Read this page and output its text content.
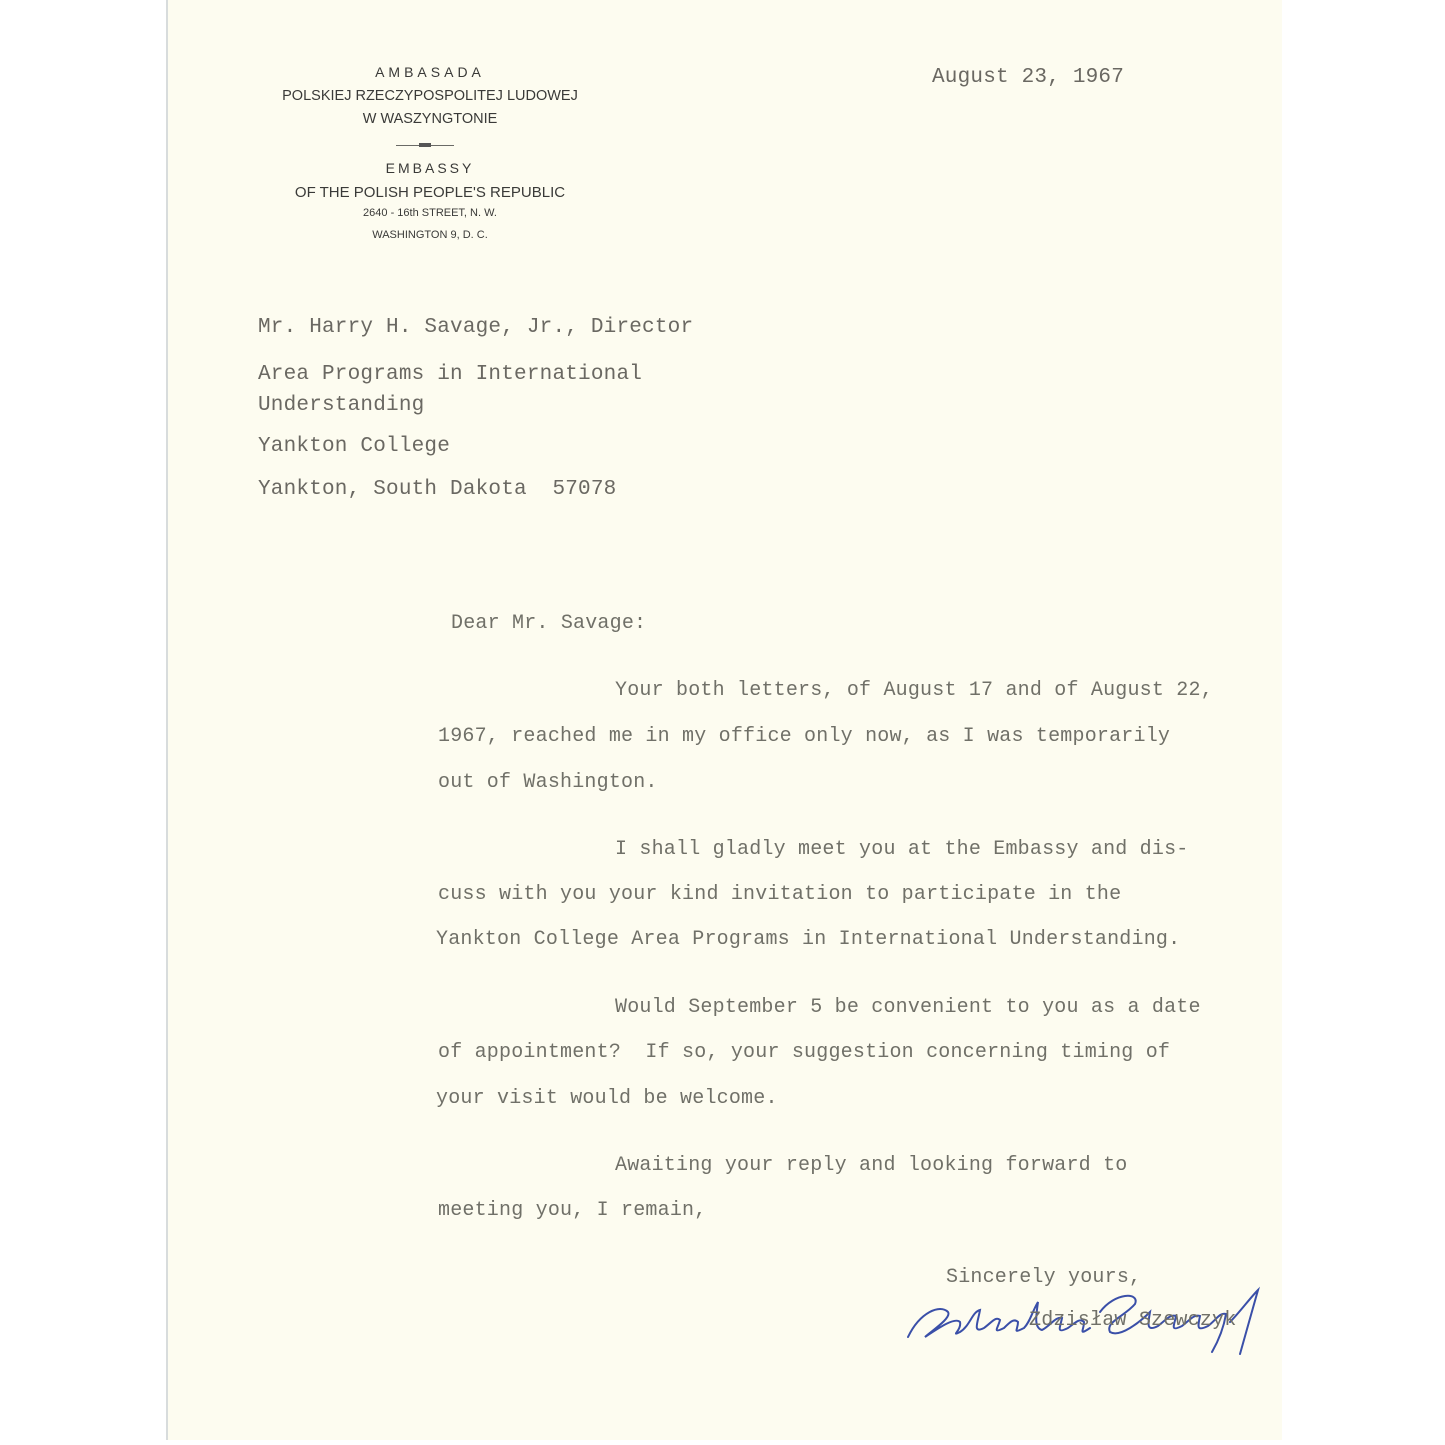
AMBASADA
POLSKIEJ RZECZYPOSPOLITEJ LUDOWEJ
W WASZYNGTONIE
EMBASSY
OF THE POLISH PEOPLE'S REPUBLIC
2640 - 16th STREET, N. W.
WASHINGTON 9, D. C.
August 23, 1967
Mr. Harry H. Savage, Jr., Director
Area Programs in International
Understanding
Yankton College
Yankton, South Dakota  57078
Dear Mr. Savage:
Your both letters, of August 17 and of August 22,
1967, reached me in my office only now, as I was temporarily
out of Washington.
I shall gladly meet you at the Embassy and dis-
cuss with you your kind invitation to participate in the
Yankton College Area Programs in International Understanding.
Would September 5 be convenient to you as a date
of appointment?  If so, your suggestion concerning timing of
your visit would be welcome.
Awaiting your reply and looking forward to
meeting you, I remain,
Sincerely yours,
Zdzisław Szewczyk
